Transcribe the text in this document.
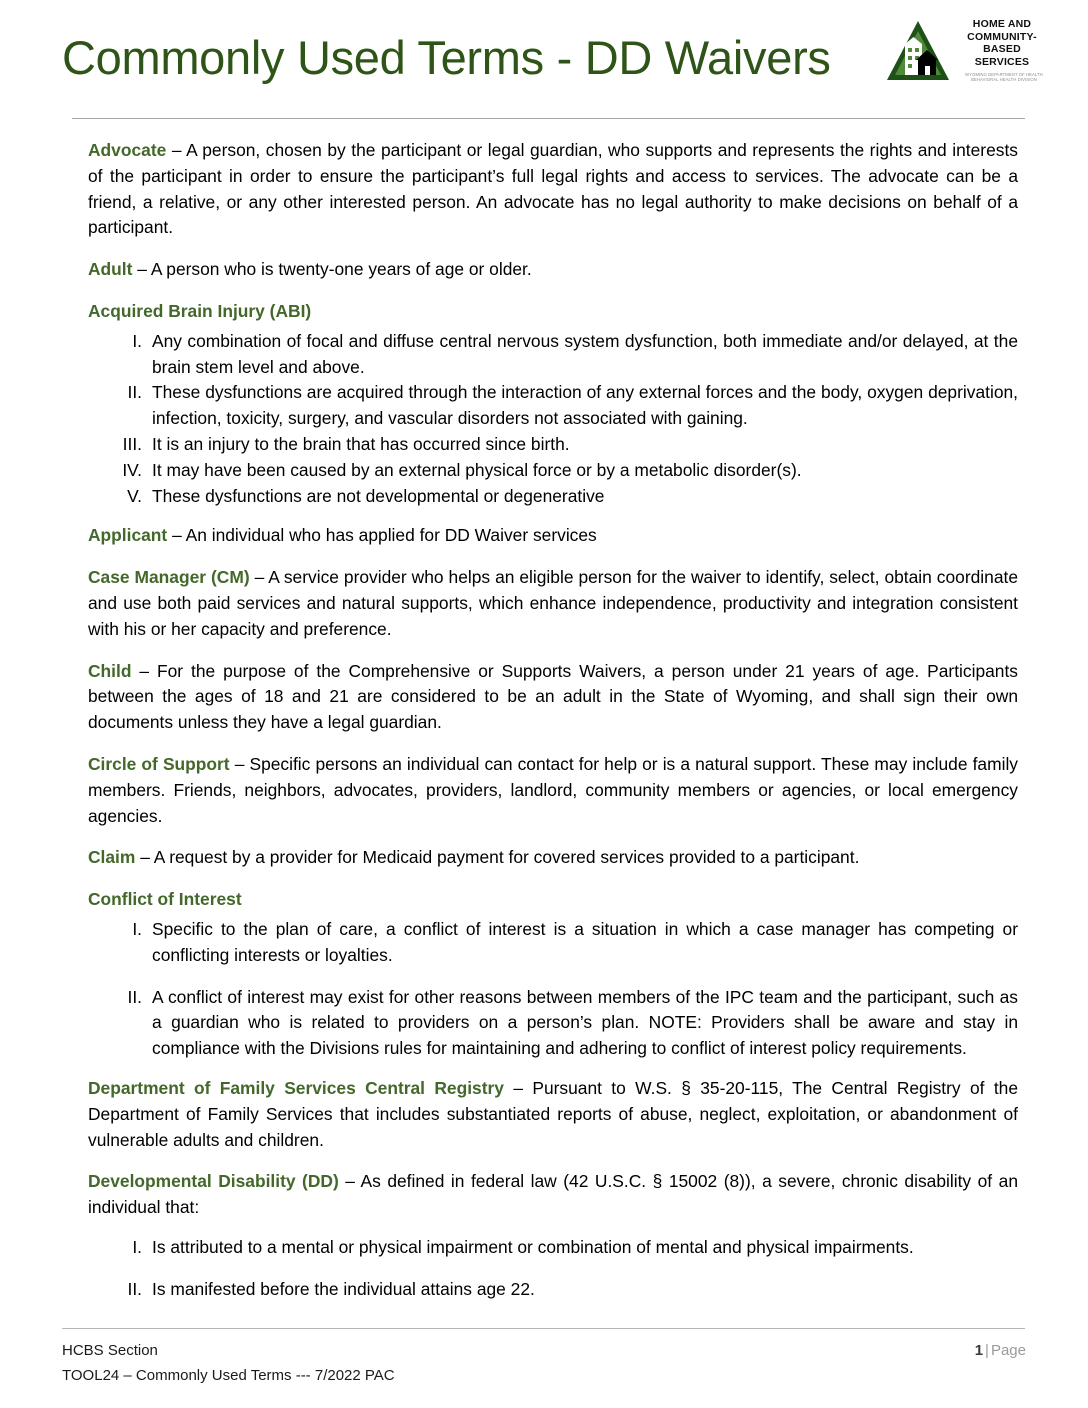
Commonly Used Terms - DD Waivers
HOME AND
COMMUNITY-
BASED
SERVICES
WYOMING DEPARTMENT OF HEALTH
BEHAVIORAL HEALTH DIVISION

Advocate – A person, chosen by the participant or legal guardian, who supports and represents the rights and interests of the participant in order to ensure the participant’s full legal rights and access to services. The advocate can be a friend, a relative, or any other interested person. An advocate has no legal authority to make decisions on behalf of a participant.

Adult – A person who is twenty-one years of age or older.

Acquired Brain Injury (ABI)

I. Any combination of focal and diffuse central nervous system dysfunction, both immediate and/or delayed, at the brain stem level and above.
II. These dysfunctions are acquired through the interaction of any external forces and the body, oxygen deprivation, infection, toxicity, surgery, and vascular disorders not associated with gaining.
III. It is an injury to the brain that has occurred since birth.
IV. It may have been caused by an external physical force or by a metabolic disorder(s).
V. These dysfunctions are not developmental or degenerative

Applicant – An individual who has applied for DD Waiver services

Case Manager (CM) – A service provider who helps an eligible person for the waiver to identify, select, obtain coordinate and use both paid services and natural supports, which enhance independence, productivity and integration consistent with his or her capacity and preference.

Child – For the purpose of the Comprehensive or Supports Waivers, a person under 21 years of age. Participants between the ages of 18 and 21 are considered to be an adult in the State of Wyoming, and shall sign their own documents unless they have a legal guardian.

Circle of Support – Specific persons an individual can contact for help or is a natural support. These may include family members. Friends, neighbors, advocates, providers, landlord, community members or agencies, or local emergency agencies.

Claim – A request by a provider for Medicaid payment for covered services provided to a participant.

Conflict of Interest

I. Specific to the plan of care, a conflict of interest is a situation in which a case manager has competing or conflicting interests or loyalties.
II. A conflict of interest may exist for other reasons between members of the IPC team and the participant, such as a guardian who is related to providers on a person’s plan. NOTE: Providers shall be aware and stay in compliance with the Divisions rules for maintaining and adhering to conflict of interest policy requirements.

Department of Family Services Central Registry – Pursuant to W.S. § 35-20-115, The Central Registry of the Department of Family Services that includes substantiated reports of abuse, neglect, exploitation, or abandonment of vulnerable adults and children.

Developmental Disability (DD) – As defined in federal law (42 U.S.C. § 15002 (8)), a severe, chronic disability of an individual that:

I. Is attributed to a mental or physical impairment or combination of mental and physical impairments.
II. Is manifested before the individual attains age 22.
HCBS Section
TOOL24 – Commonly Used Terms --- 7/2022 PAC
1 | Page
